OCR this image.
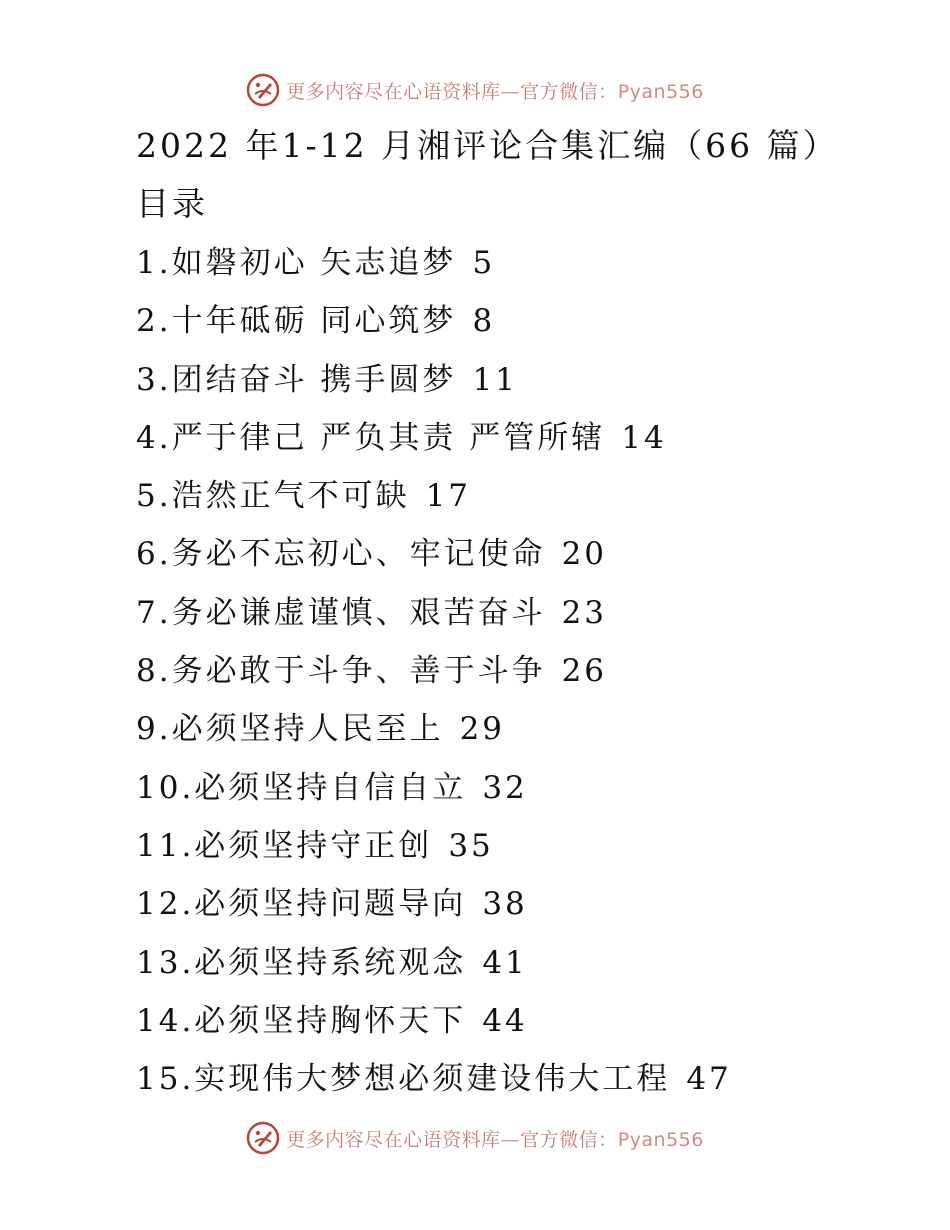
更多内容尽在心语资料库—官方微信：Pyan556
2022 年1-12 月湘评论合集汇编（66 篇）
目录
1.如磐初心 矢志追梦 5
2.十年砥砺 同心筑梦 8
3.团结奋斗 携手圆梦 11
4.严于律己 严负其责 严管所辖 14
5.浩然正气不可缺 17
6.务必不忘初心、牢记使命 20
7.务必谦虚谨慎、艰苦奋斗 23
8.务必敢于斗争、善于斗争 26
9.必须坚持人民至上 29
10.必须坚持自信自立 32
11.必须坚持守正创 35
12.必须坚持问题导向 38
13.必须坚持系统观念 41
14.必须坚持胸怀天下 44
15.实现伟大梦想必须建设伟大工程 47
更多内容尽在心语资料库—官方微信：Pyan556
